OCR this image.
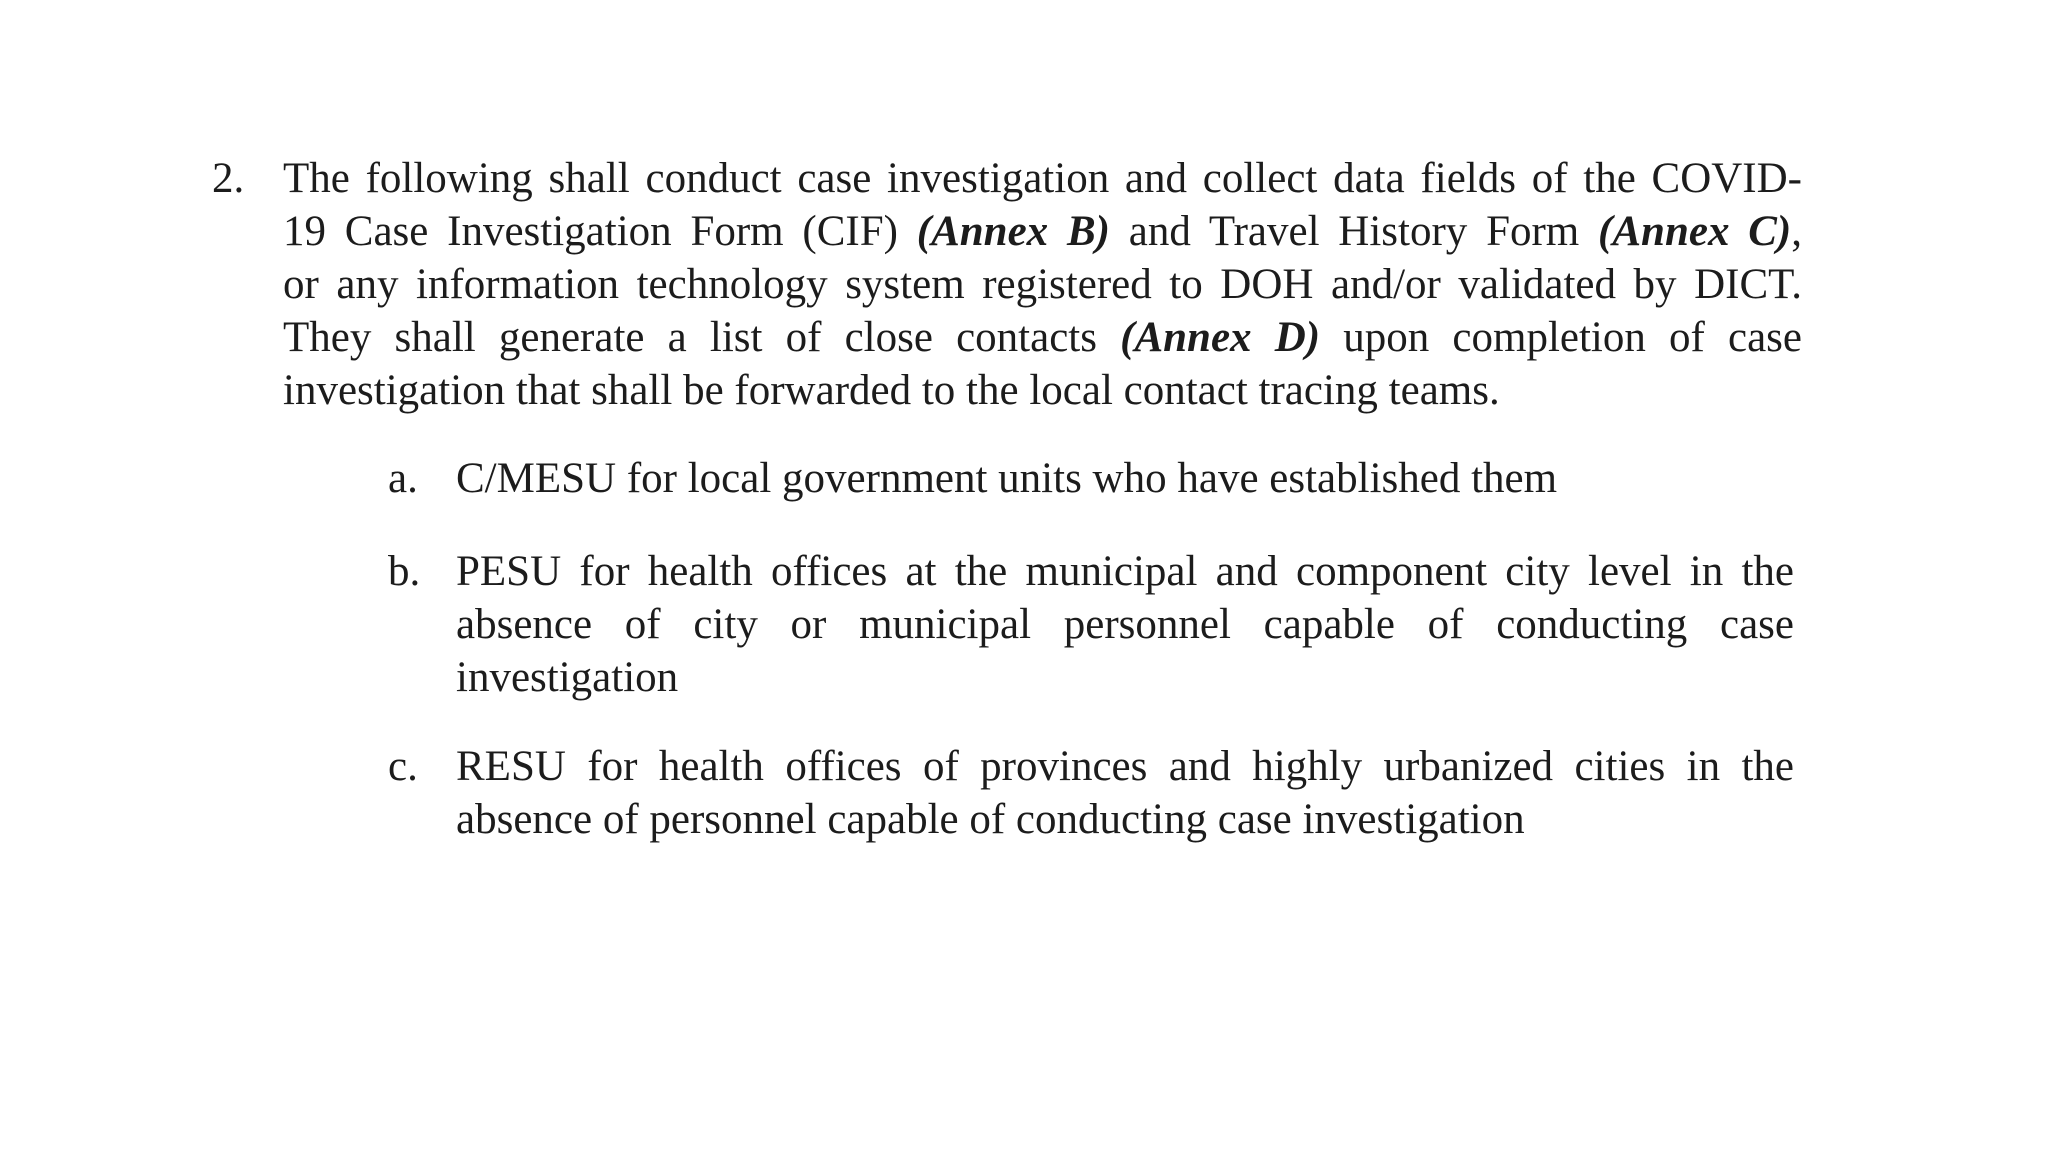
2. The following shall conduct case investigation and collect data fields of the COVID-
19 Case Investigation Form (CIF) (Annex B) and Travel History Form (Annex C),
or any information technology system registered to DOH and/or validated by DICT.
They shall generate a list of close contacts (Annex D) upon completion of case
investigation that shall be forwarded to the local contact tracing teams.
a. C/MESU for local government units who have established them
b. PESU for health offices at the municipal and component city level in the
absence of city or municipal personnel capable of conducting case
investigation
c. RESU for health offices of provinces and highly urbanized cities in the
absence of personnel capable of conducting case investigation
